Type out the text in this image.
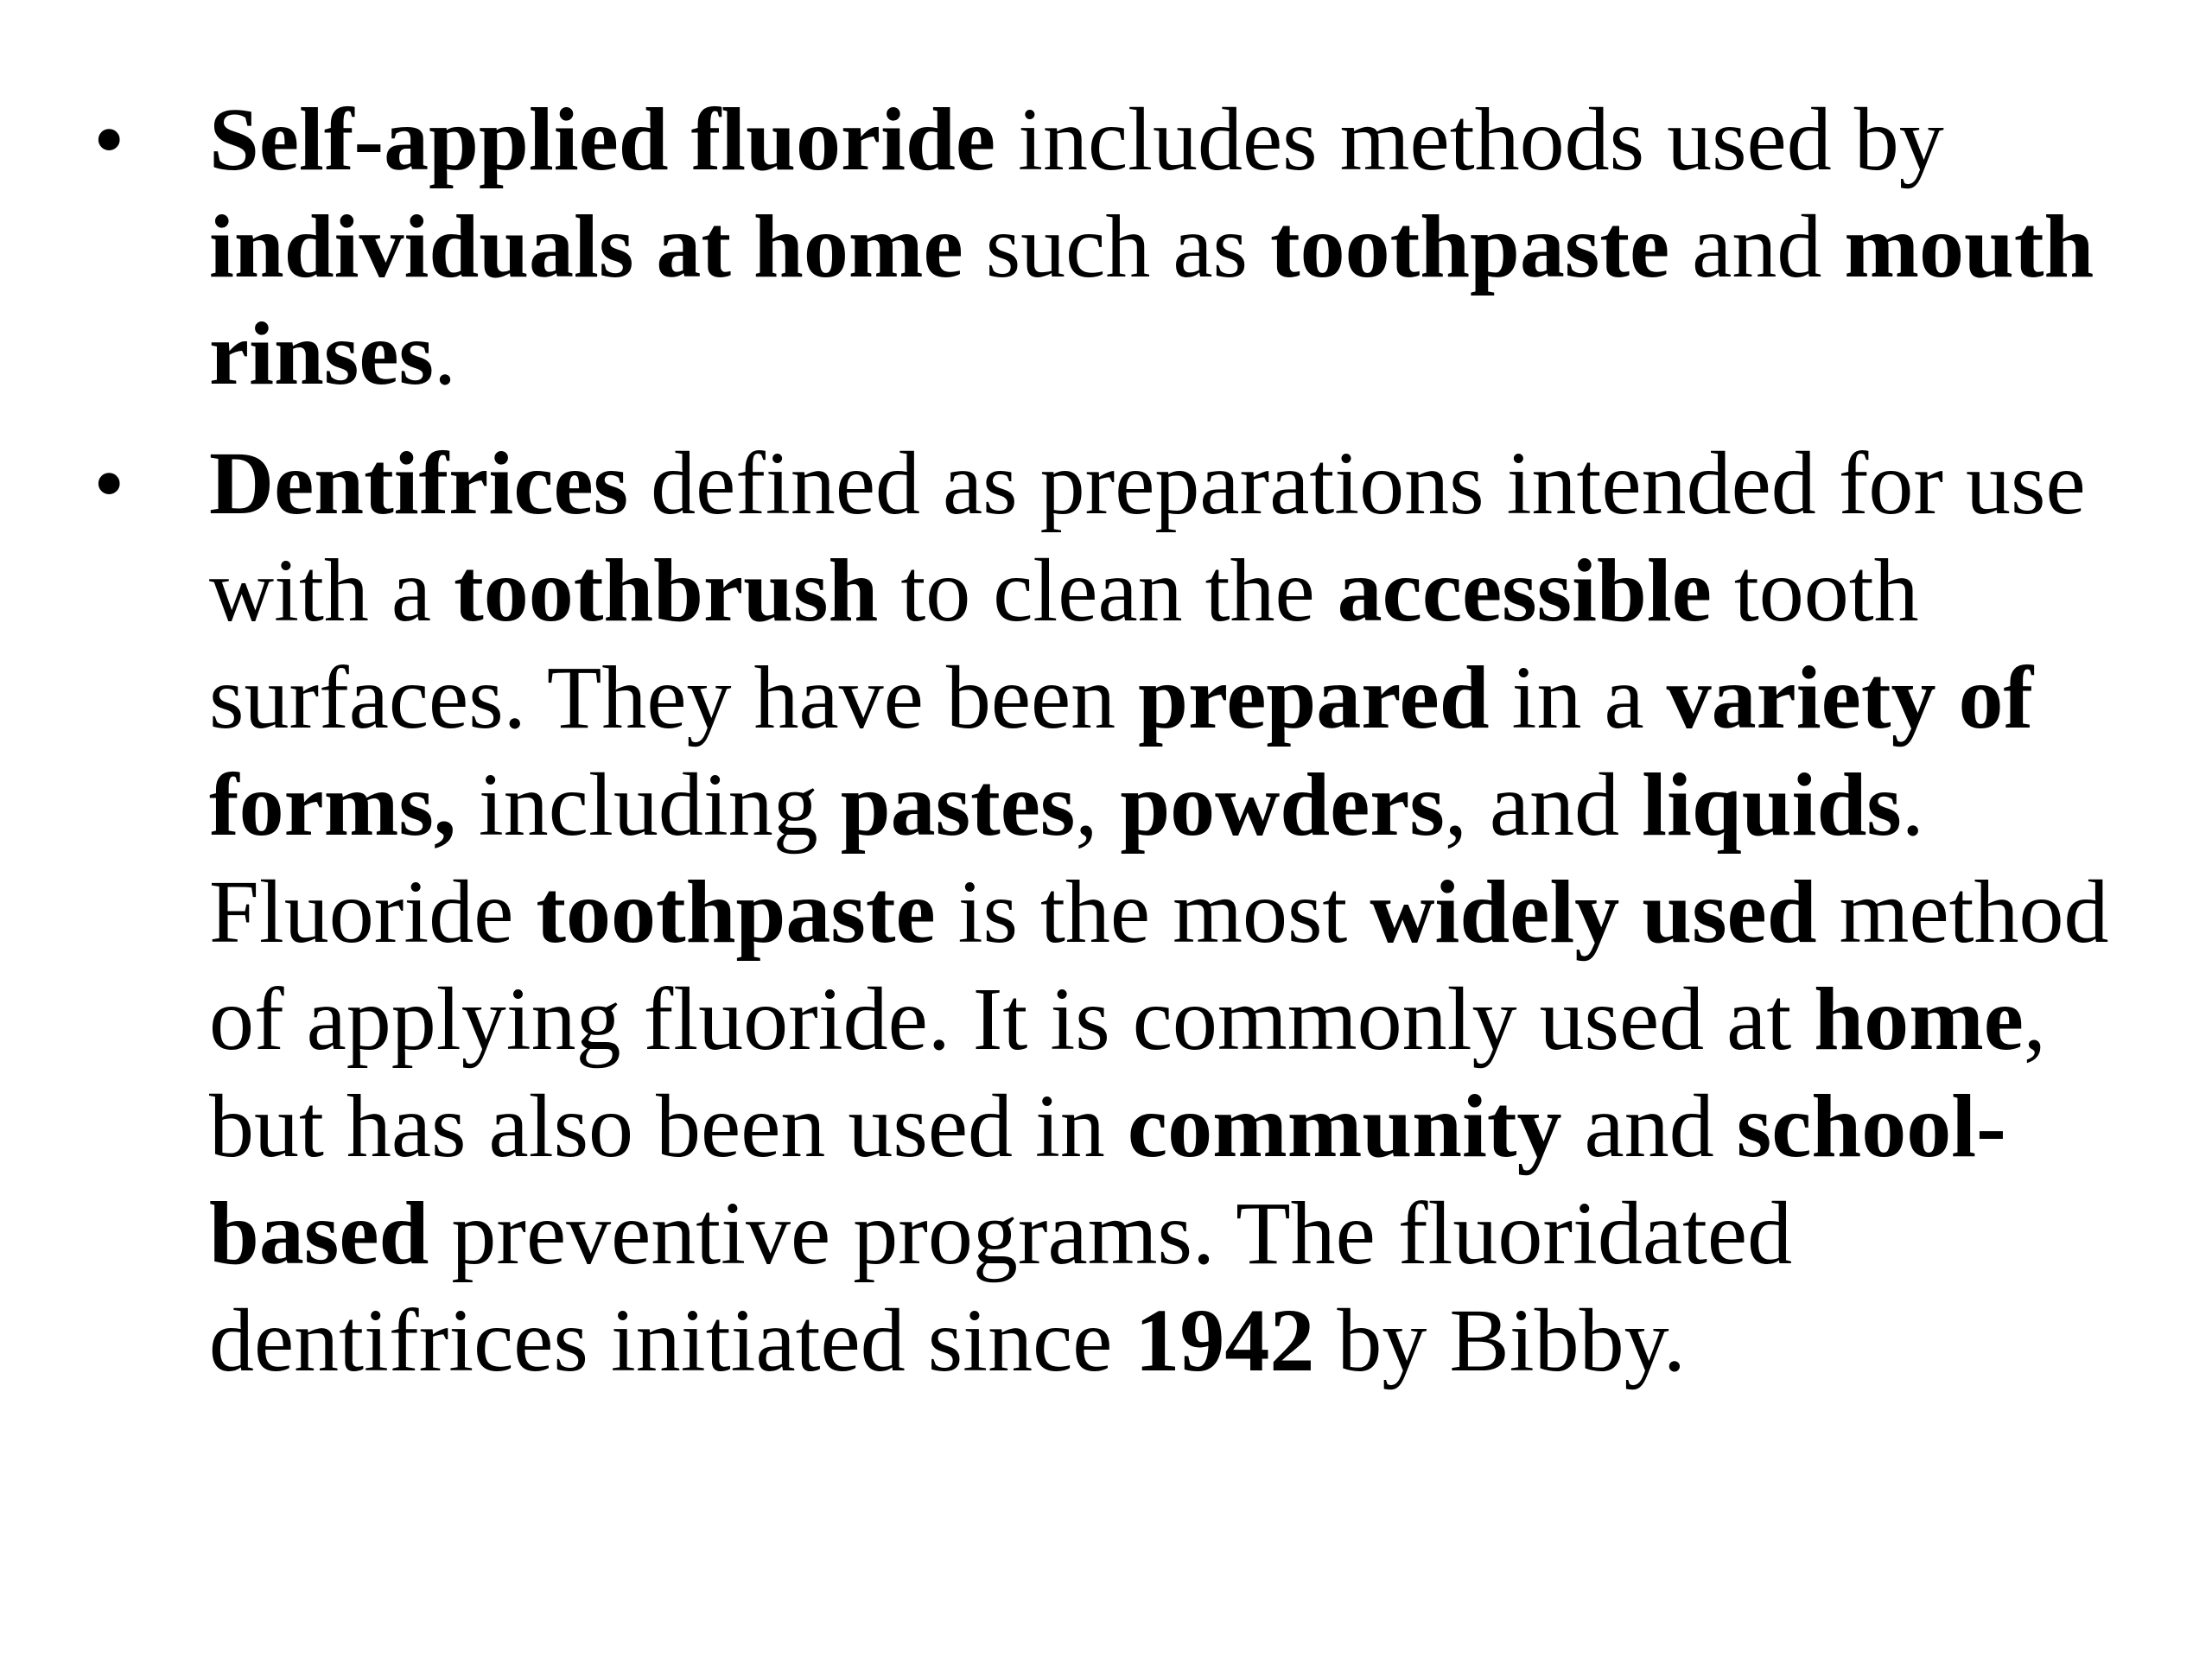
• Self-applied fluoride includes methods used by individuals at home such as toothpaste and mouth rinses.
• Dentifrices defined as preparations intended for use with a toothbrush to clean the accessible tooth surfaces. They have been prepared in a variety of forms, including pastes, powders, and liquids. Fluoride toothpaste is the most widely used method of applying fluoride. It is commonly used at home, but has also been used in community and school-based preventive programs. The fluoridated dentifrices initiated since 1942 by Bibby.
